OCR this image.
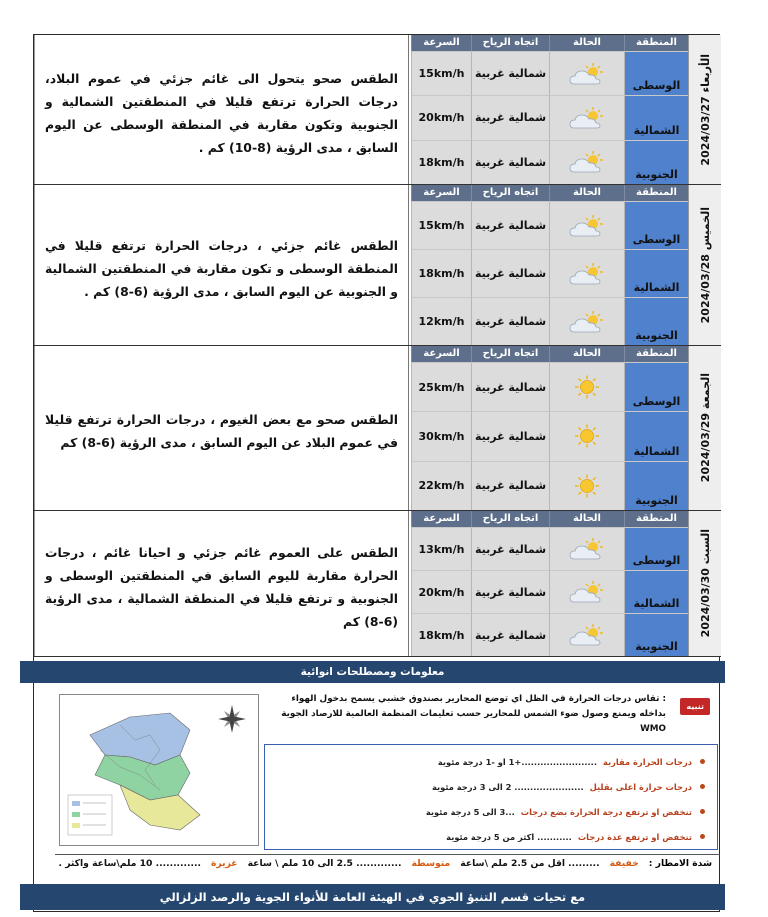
الأربعاء 2024/03/27
المنطقة
الحالة
اتجاه الرياح
السرعة
الوسطى
شمالية غربية
15km/h
الشمالية
شمالية غربية
20km/h
الجنوبية
شمالية غربية
18km/h

الطقس صحو يتحول الى غائم جزئي في عموم البلاد، درجات الحرارة ترتفع قليلا في المنطقتين الشمالية و الجنوبية وتكون مقاربة في المنطقة الوسطى عن اليوم السابق ، مدى الرؤية (8-10) كم .

الخميس 2024/03/28
المنطقة
الحالة
اتجاه الرياح
السرعة
الوسطى
شمالية غربية
15km/h
الشمالية
شمالية غربية
18km/h
الجنوبية
شمالية غربية
12km/h

الطقس غائم جزئي ، درجات الحرارة ترتفع قليلا في المنطقة الوسطى و تكون مقاربة في المنطقتين الشمالية و الجنوبية عن اليوم السابق ، مدى الرؤية (6-8) كم .

الجمعة 2024/03/29
المنطقة
الحالة
اتجاه الرياح
السرعة
الوسطى
شمالية غربية
25km/h
الشمالية
شمالية غربية
30km/h
الجنوبية
شمالية غربية
22km/h

الطقس صحو مع بعض الغيوم ، درجات الحرارة ترتفع قليلا في عموم البلاد عن اليوم السابق ، مدى الرؤية (6-8) كم

السبت 2024/03/30
المنطقة
الحالة
اتجاه الرياح
السرعة
الوسطى
شمالية غربية
13km/h
الشمالية
شمالية غربية
20km/h
الجنوبية
شمالية غربية
18km/h

الطقس على العموم غائم جزئي و احيانا غائم ، درجات الحرارة مقاربة لليوم السابق في المنطقتين الوسطى و الجنوبية و ترتفع قليلا في المنطقة الشمالية ، مدى الرؤية (6-8) كم

معلومات ومصطلحات انوائية
تنبيه
: تقاس درجات الحرارة في الظل اي توضع المحارير بصندوق خشبي يسمح بدخول الهواء بداخله ويمنع وصول ضوء الشمس للمحارير حسب تعليمات المنظمة العالمية للارصاد الجوية WMO
درجات الحرارة مقاربة
........................+1 او -1 درجة مئوية
درجات حرارة اعلى بقليل
...................... 2 الى 3 درجة مئوية
تنخفض او ترتفع درجة الحرارة بضع درجات
...3 الى 5 درجة مئوية
تنخفض او ترتفع عدة درجات
........... اكثر من 5 درجة مئوية
شدة الامطار :
خفيفة
......... اقل من 2.5 ملم \ساعة
متوسطة
............. 2.5 الى 10 ملم \ ساعة
غزيرة
............. 10 ملم\ساعة واكثر .
مع تحيات قسم التنبؤ الجوي في الهيئة العامة للأنواء الجوية والرصد الزلزالي
